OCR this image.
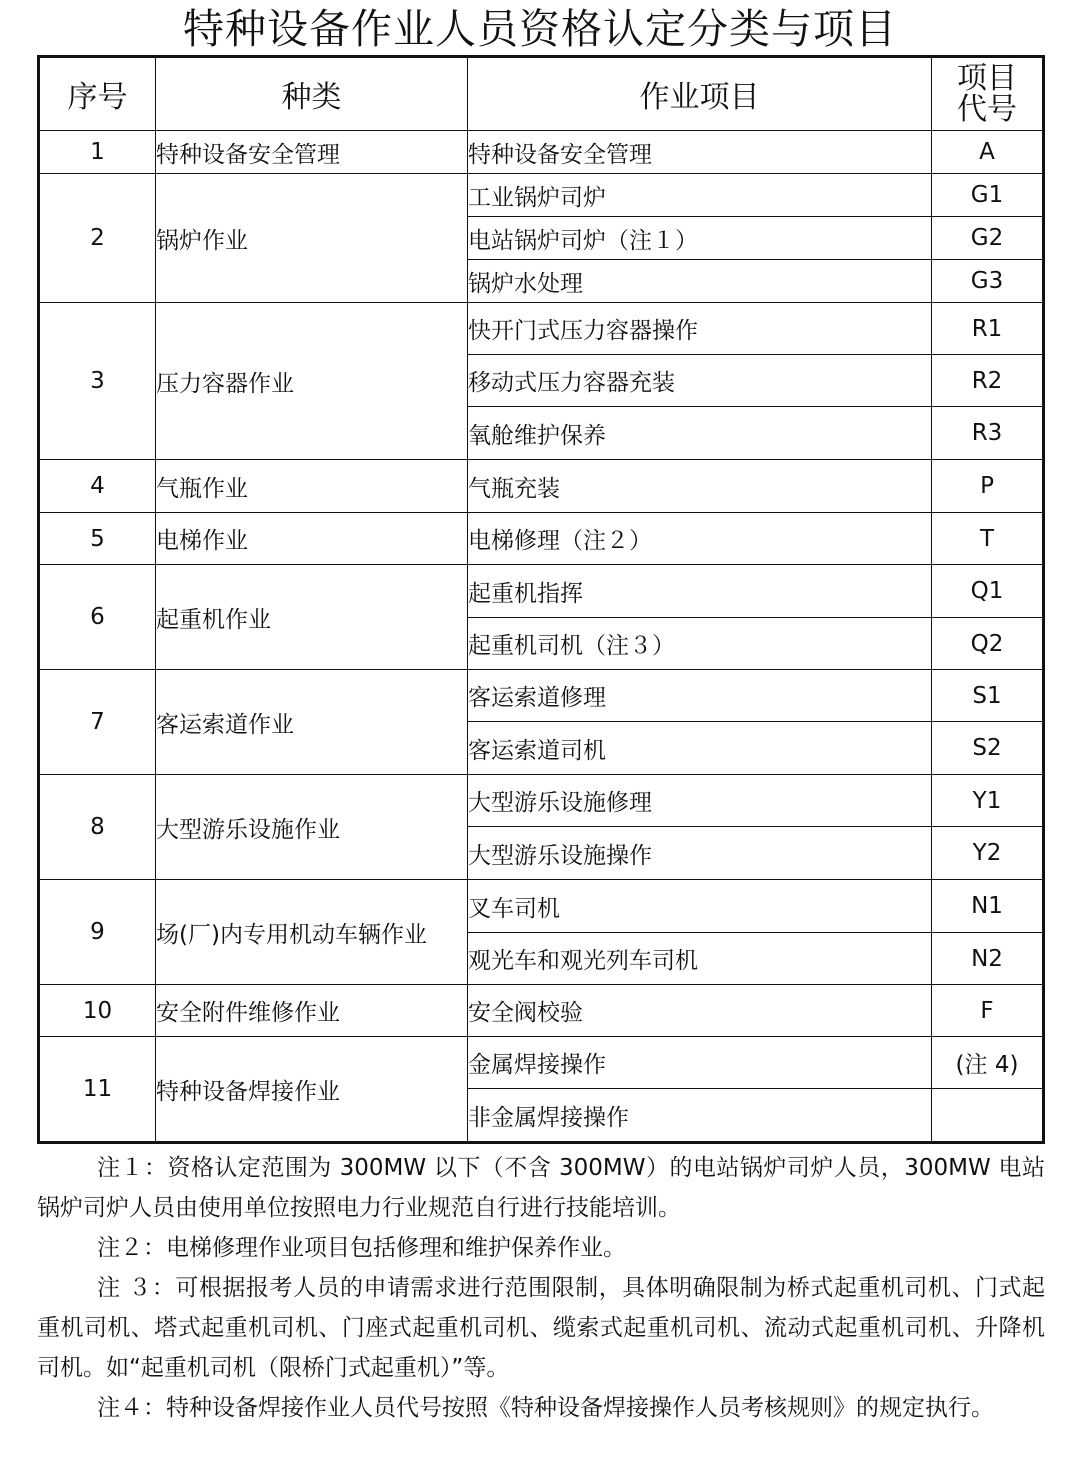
特种设备作业人员资格认定分类与项目
序号	种类	作业项目	项目
代号
1	特种设备安全管理	特种设备安全管理	A
2	锅炉作业	工业锅炉司炉	G1
		电站锅炉司炉（注１）	G2
		锅炉水处理	G3
3	压力容器作业	快开门式压力容器操作	R1
		移动式压力容器充装	R2
		氧舱维护保养	R3
4	气瓶作业	气瓶充装	P
5	电梯作业	电梯修理（注２）	T
6	起重机作业	起重机指挥	Q1
		起重机司机（注３）	Q2
7	客运索道作业	客运索道修理	S1
		客运索道司机	S2
8	大型游乐设施作业	大型游乐设施修理	Y1
		大型游乐设施操作	Y2
9	场(厂)内专用机动车辆作业	叉车司机	N1
		观光车和观光列车司机	N2
10	安全附件维修作业	安全阀校验	F
11	特种设备焊接作业	金属焊接操作	(注 4)
		非金属焊接操作	

注１：资格认定范围为 300MW 以下（不含 300MW）的电站锅炉司炉人员，300MW 电站锅炉司炉人员由使用单位按照电力行业规范自行进行技能培训。

注２：电梯修理作业项目包括修理和维护保养作业。

注 ３：可根据报考人员的申请需求进行范围限制，具体明确限制为桥式起重机司机、门式起重机司机、塔式起重机司机、门座式起重机司机、缆索式起重机司机、流动式起重机司机、升降机司机。如“起重机司机（限桥门式起重机）”等。

注４：特种设备焊接作业人员代号按照《特种设备焊接操作人员考核规则》的规定执行。
